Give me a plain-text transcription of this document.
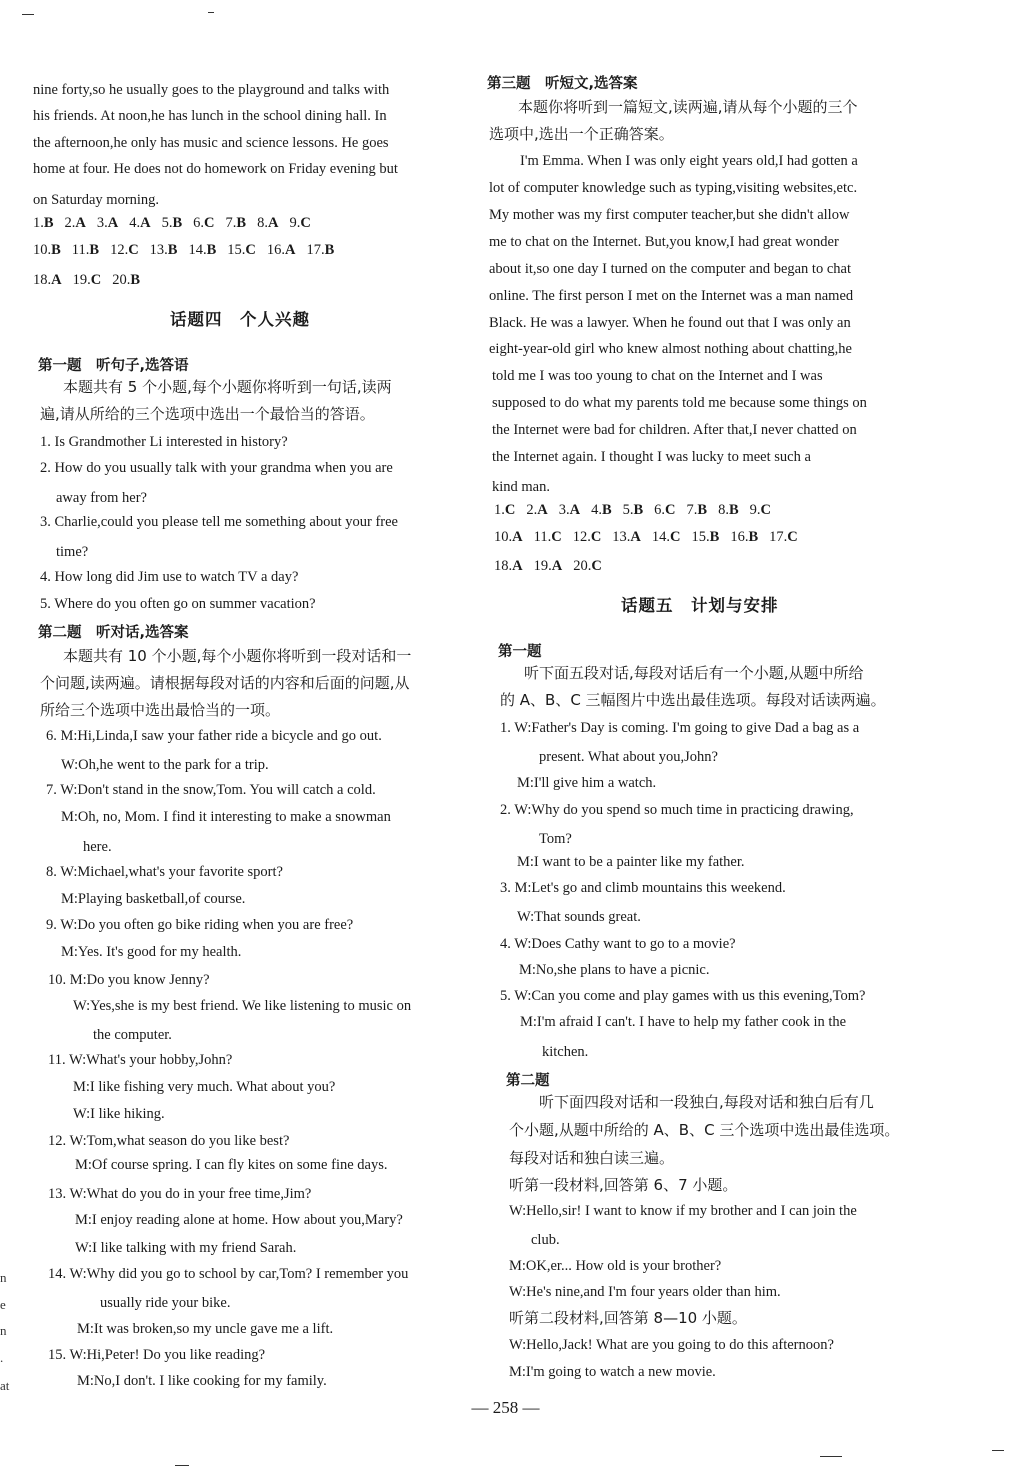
nine forty,so he usually goes to the playground and talks with
his friends. At noon,he has lunch in the school dining hall. In
the afternoon,he only has music and science lessons. He goes
home at four. He does not do homework on Friday evening but
on Saturday morning.
1.B 2.A 3.A 4.A 5.B 6.C 7.B 8.A 9.C
10.B 11.B 12.C 13.B 14.B 15.C 16.A 17.B
18.A 19.C 20.B
话题四　个人兴趣
第一题　听句子,选答语
本题共有 5 个小题,每个小题你将听到一句话,读两
遍,请从所给的三个选项中选出一个最恰当的答语。
1. Is Grandmother Li interested in history?
2. How do you usually talk with your grandma when you are
away from her?
3. Charlie,could you please tell me something about your free
time?
4. How long did Jim use to watch TV a day?
5. Where do you often go on summer vacation?
第二题　听对话,选答案
本题共有 10 个小题,每个小题你将听到一段对话和一
个问题,读两遍。请根据每段对话的内容和后面的问题,从
所给三个选项中选出最恰当的一项。
6. M:Hi,Linda,I saw your father ride a bicycle and go out.
W:Oh,he went to the park for a trip.
7. W:Don't stand in the snow,Tom. You will catch a cold.
M:Oh, no, Mom. I find it interesting to make a snowman
here.
8. W:Michael,what's your favorite sport?
M:Playing basketball,of course.
9. W:Do you often go bike riding when you are free?
M:Yes. It's good for my health.
10. M:Do you know Jenny?
W:Yes,she is my best friend. We like listening to music on
the computer.
11. W:What's your hobby,John?
M:I like fishing very much. What about you?
W:I like hiking.
12. W:Tom,what season do you like best?
M:Of course spring. I can fly kites on some fine days.
13. W:What do you do in your free time,Jim?
M:I enjoy reading alone at home. How about you,Mary?
W:I like talking with my friend Sarah.
14. W:Why did you go to school by car,Tom? I remember you
usually ride your bike.
M:It was broken,so my uncle gave me a lift.
15. W:Hi,Peter! Do you like reading?
M:No,I don't. I like cooking for my family.
第三题　听短文,选答案
本题你将听到一篇短文,读两遍,请从每个小题的三个
选项中,选出一个正确答案。
I'm Emma. When I was only eight years old,I had gotten a
lot of computer knowledge such as typing,visiting websites,etc.
My mother was my first computer teacher,but she didn't allow
me to chat on the Internet. But,you know,I had great wonder
about it,so one day I turned on the computer and began to chat
online. The first person I met on the Internet was a man named
Black. He was a lawyer. When he found out that I was only an
eight-year-old girl who knew almost nothing about chatting,he
told me I was too young to chat on the Internet and I was
supposed to do what my parents told me because some things on
the Internet were bad for children. After that,I never chatted on
the Internet again. I thought I was lucky to meet such a
kind man.
1.C 2.A 3.A 4.B 5.B 6.C 7.B 8.B 9.C
10.A 11.C 12.C 13.A 14.C 15.B 16.B 17.C
18.A 19.A 20.C
话题五　计划与安排
第一题
听下面五段对话,每段对话后有一个小题,从题中所给
的 A、B、C 三幅图片中选出最佳选项。每段对话读两遍。
1. W:Father's Day is coming. I'm going to give Dad a bag as a
present. What about you,John?
M:I'll give him a watch.
2. W:Why do you spend so much time in practicing drawing,
Tom?
M:I want to be a painter like my father.
3. M:Let's go and climb mountains this weekend.
W:That sounds great.
4. W:Does Cathy want to go to a movie?
M:No,she plans to have a picnic.
5. W:Can you come and play games with us this evening,Tom?
M:I'm afraid I can't. I have to help my father cook in the
kitchen.
第二题
听下面四段对话和一段独白,每段对话和独白后有几
个小题,从题中所给的 A、B、C 三个选项中选出最佳选项。
每段对话和独白读三遍。
听第一段材料,回答第 6、7 小题。
W:Hello,sir! I want to know if my brother and I can join the
club.
M:OK,er... How old is your brother?
W:He's nine,and I'm four years older than him.
听第二段材料,回答第 8—10 小题。
W:Hello,Jack! What are you going to do this afternoon?
M:I'm going to watch a new movie.
— 258 —
n
e
n
.
at
